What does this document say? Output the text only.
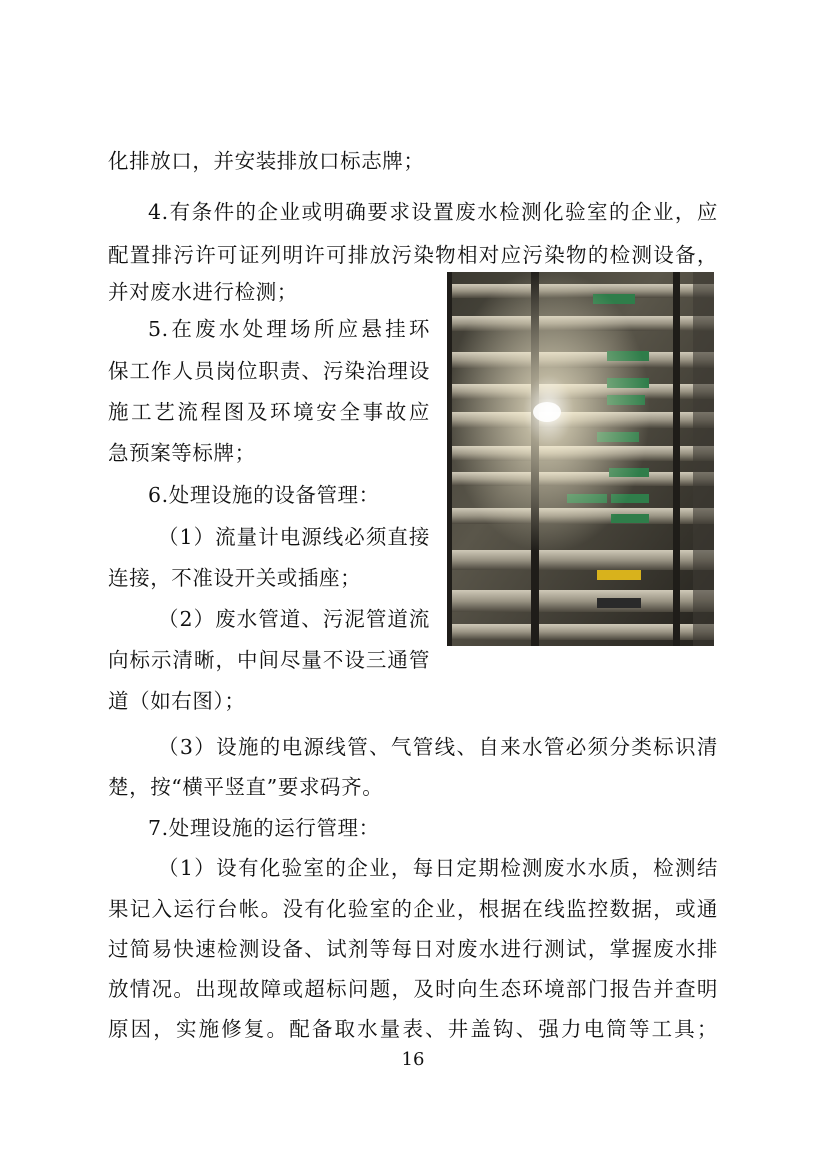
化排放口，并安装排放口标志牌；
4.有条件的企业或明确要求设置废水检测化验室的企业，应
配置排污许可证列明许可排放污染物相对应污染物的检测设备，
并对废水进行检测；
5.在废水处理场所应悬挂环
保工作人员岗位职责、污染治理设
施工艺流程图及环境安全事故应
急预案等标牌；
6.处理设施的设备管理：
（1）流量计电源线必须直接
连接，不准设开关或插座；
（2）废水管道、污泥管道流
向标示清晰，中间尽量不设三通管
道（如右图）；
（3）设施的电源线管、气管线、自来水管必须分类标识清
楚，按“横平竖直”要求码齐。
7.处理设施的运行管理：
（1）设有化验室的企业，每日定期检测废水水质，检测结
果记入运行台帐。没有化验室的企业，根据在线监控数据，或通
过简易快速检测设备、试剂等每日对废水进行测试，掌握废水排
放情况。出现故障或超标问题，及时向生态环境部门报告并查明
原因，实施修复。配备取水量表、井盖钩、强力电筒等工具；
16
